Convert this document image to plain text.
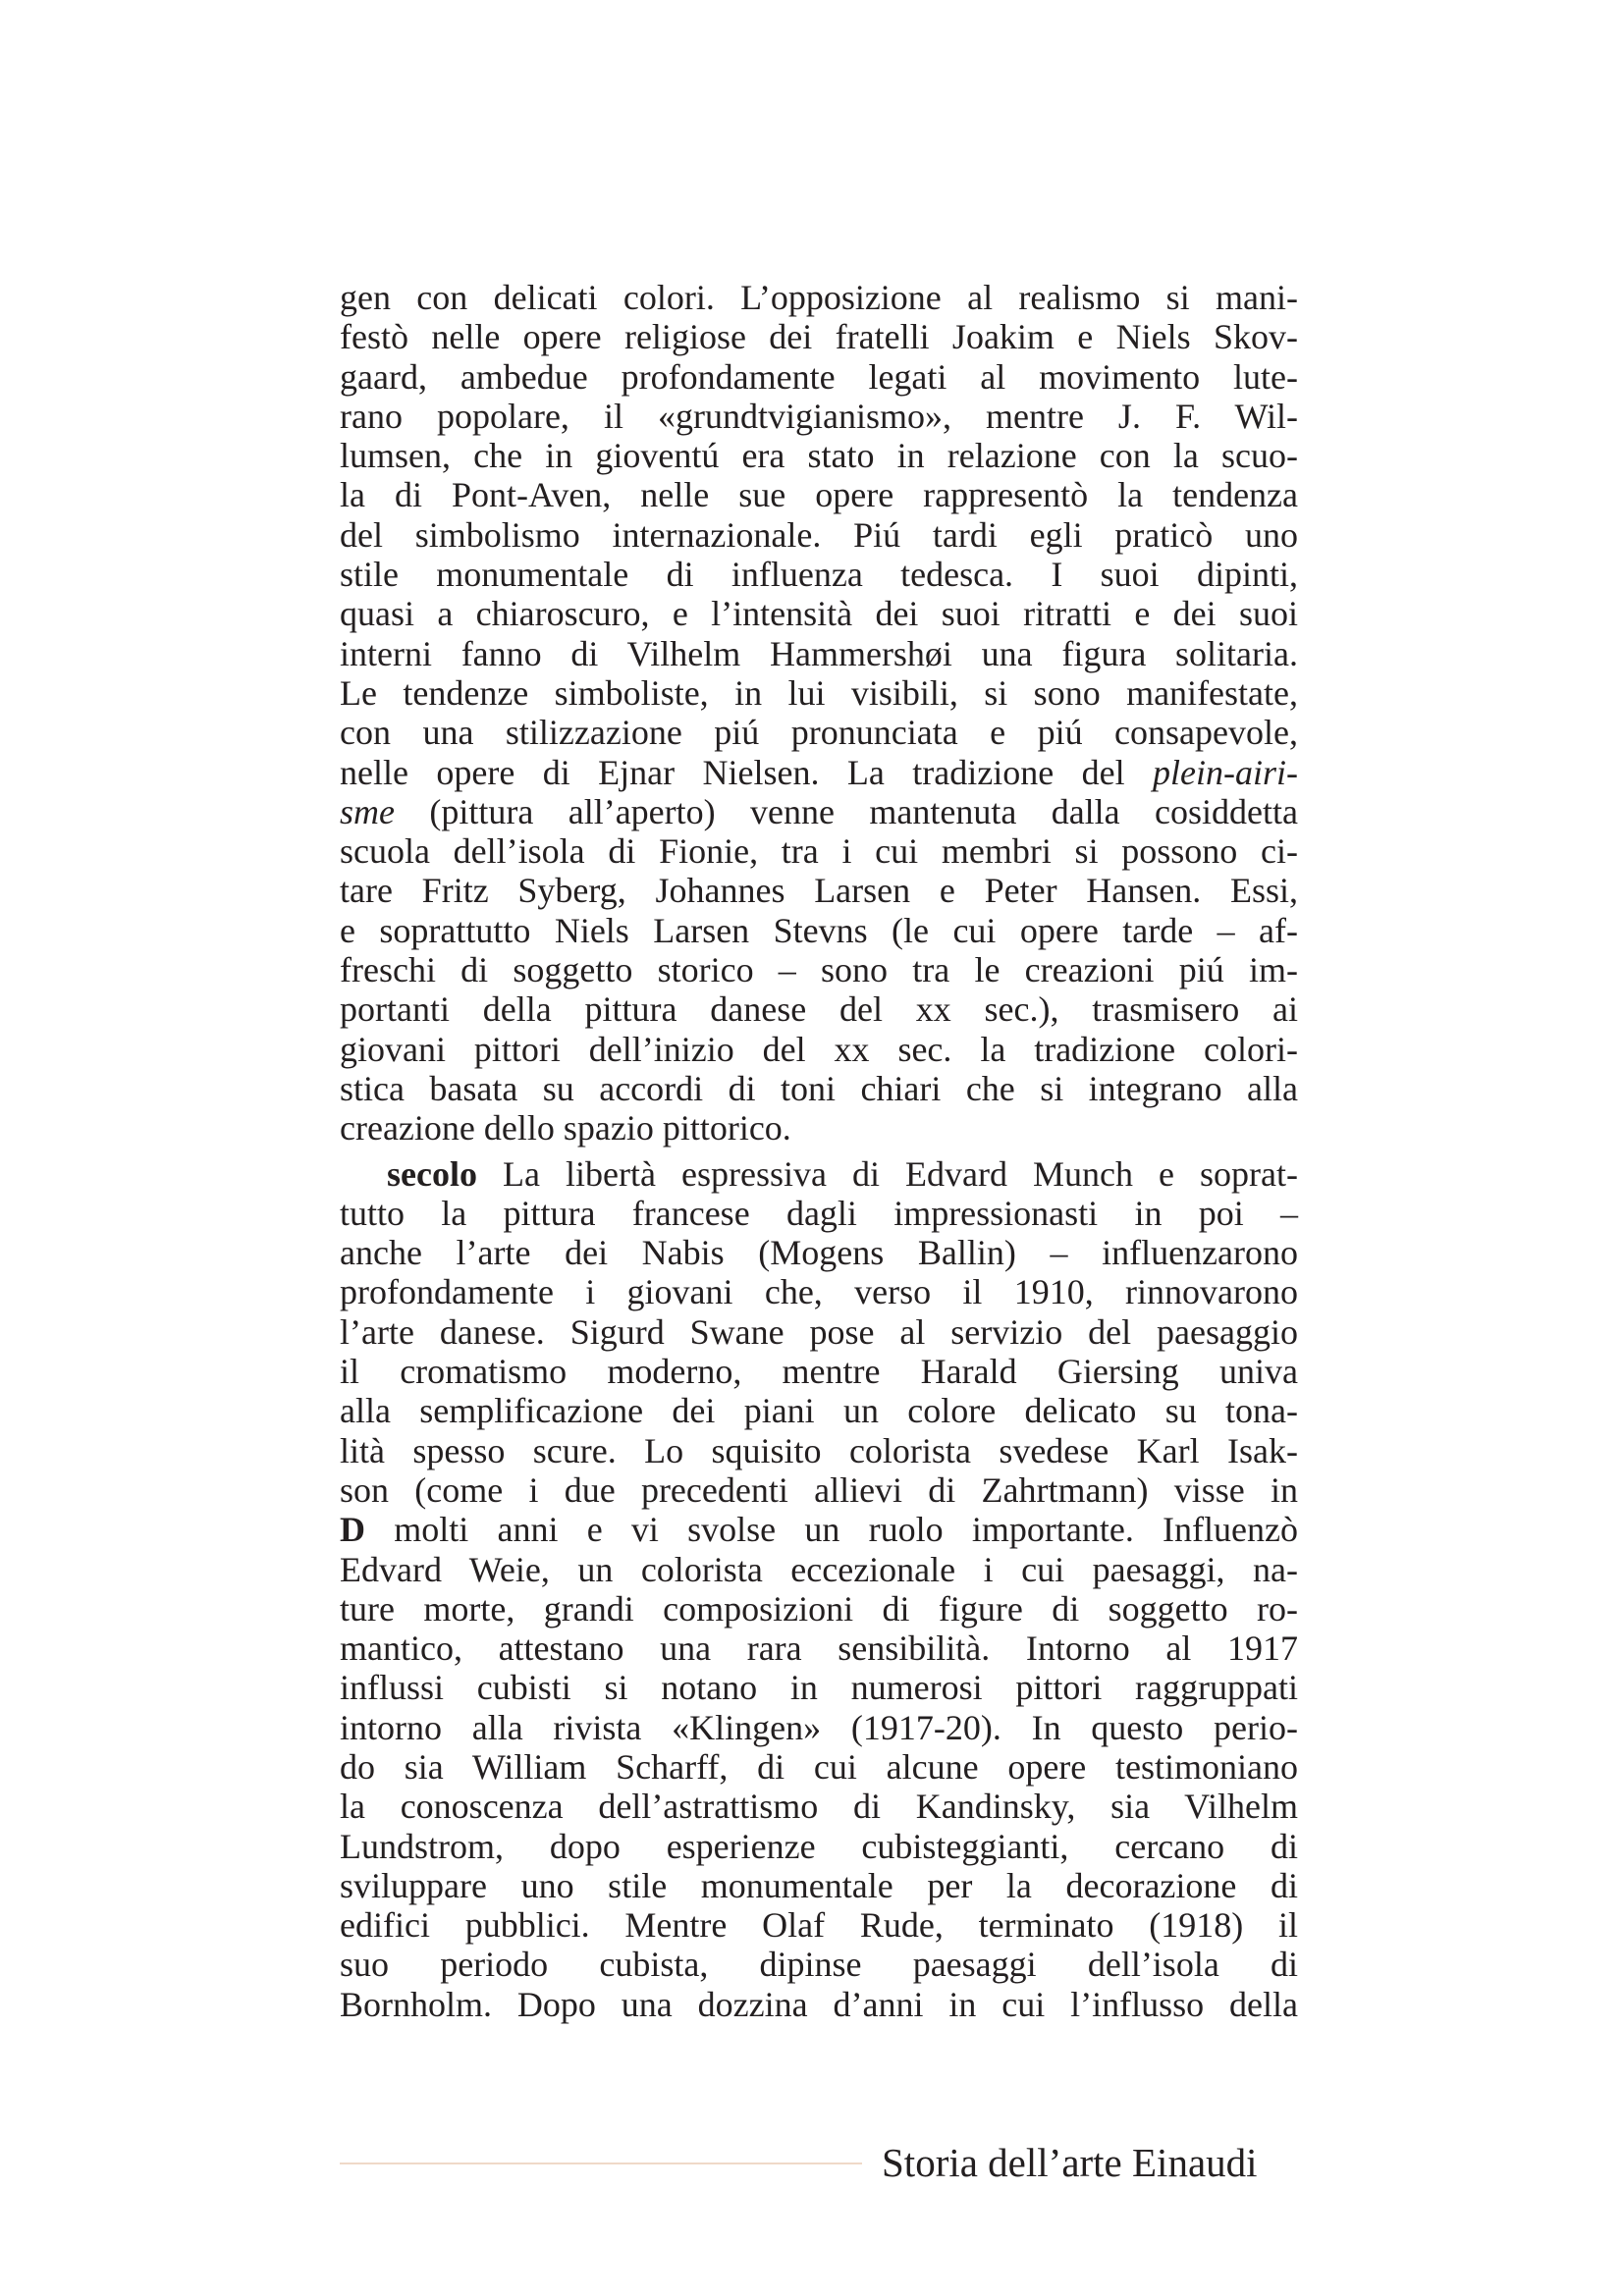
gen con delicati colori. L’opposizione al realismo si mani-
festò nelle opere religiose dei fratelli Joakim e Niels Skov-
gaard, ambedue profondamente legati al movimento lute-
rano popolare, il «grundtvigianismo», mentre J. F. Wil-
lumsen, che in gioventú era stato in relazione con la scuo-
la di Pont-Aven, nelle sue opere rappresentò la tendenza
del simbolismo internazionale. Piú tardi egli praticò uno
stile monumentale di influenza tedesca. I suoi dipinti,
quasi a chiaroscuro, e l’intensità dei suoi ritratti e dei suoi
interni fanno di Vilhelm Hammershøi una figura solitaria.
Le tendenze simboliste, in lui visibili, si sono manifestate,
con una stilizzazione piú pronunciata e piú consapevole,
nelle opere di Ejnar Nielsen. La tradizione del plein-airi-
sme (pittura all’aperto) venne mantenuta dalla cosiddetta
scuola dell’isola di Fionie, tra i cui membri si possono ci-
tare Fritz Syberg, Johannes Larsen e Peter Hansen. Essi,
e soprattutto Niels Larsen Stevns (le cui opere tarde – af-
freschi di soggetto storico – sono tra le creazioni piú im-
portanti della pittura danese del xx sec.), trasmisero ai
giovani pittori dell’inizio del xx sec. la tradizione colori-
stica basata su accordi di toni chiari che si integrano alla
creazione dello spazio pittorico.
secolo La libertà espressiva di Edvard Munch e soprat-
tutto la pittura francese dagli impressionasti in poi –
anche l’arte dei Nabis (Mogens Ballin) – influenzarono
profondamente i giovani che, verso il 1910, rinnovarono
l’arte danese. Sigurd Swane pose al servizio del paesaggio
il cromatismo moderno, mentre Harald Giersing univa
alla semplificazione dei piani un colore delicato su tona-
lità spesso scure. Lo squisito colorista svedese Karl Isak-
son (come i due precedenti allievi di Zahrtmann) visse in
D molti anni e vi svolse un ruolo importante. Influenzò
Edvard Weie, un colorista eccezionale i cui paesaggi, na-
ture morte, grandi composizioni di figure di soggetto ro-
mantico, attestano una rara sensibilità. Intorno al 1917
influssi cubisti si notano in numerosi pittori raggruppati
intorno alla rivista «Klingen» (1917-20). In questo perio-
do sia William Scharff, di cui alcune opere testimoniano
la conoscenza dell’astrattismo di Kandinsky, sia Vilhelm
Lundstrom, dopo esperienze cubisteggianti, cercano di
sviluppare uno stile monumentale per la decorazione di
edifici pubblici. Mentre Olaf Rude, terminato (1918) il
suo periodo cubista, dipinse paesaggi dell’isola di
Bornholm. Dopo una dozzina d’anni in cui l’influsso della
Storia dell’arte Einaudi
